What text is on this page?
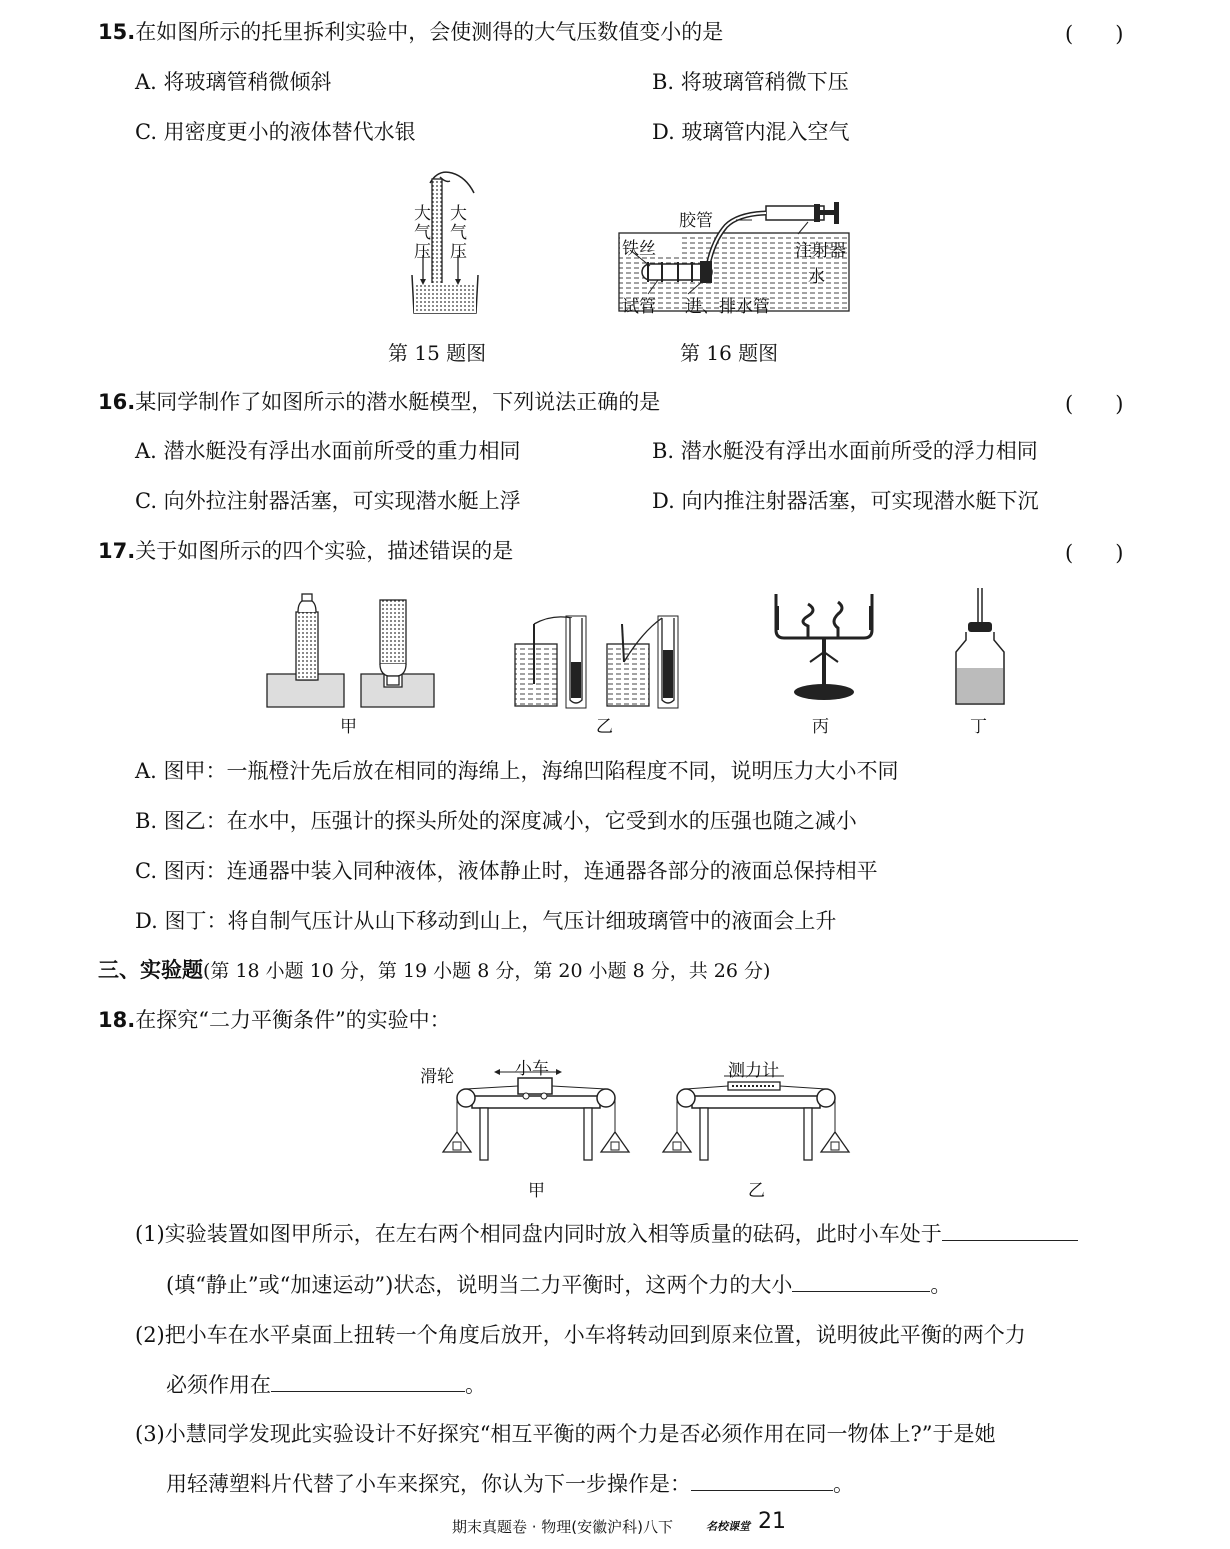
15.在如图所示的托里拆利实验中，会使测得的大气压数值变小的是	(　　)
A. 将玻璃管稍微倾斜	B. 将玻璃管稍微下压
C. 用密度更小的液体替代水银	D. 玻璃管内混入空气
大
气
压
大
气
压
第 15 题图
胶管
铁丝	注射器
水
试管 进、排水管
第 16 题图
16.某同学制作了如图所示的潜水艇模型，下列说法正确的是	(　　)
A. 潜水艇没有浮出水面前所受的重力相同	B. 潜水艇没有浮出水面前所受的浮力相同
C. 向外拉注射器活塞，可实现潜水艇上浮	D. 向内推注射器活塞，可实现潜水艇下沉
17.关于如图所示的四个实验，描述错误的是	(　　)
甲	乙	丙	丁
A. 图甲：一瓶橙汁先后放在相同的海绵上，海绵凹陷程度不同，说明压力大小不同
B. 图乙：在水中，压强计的探头所处的深度减小，它受到水的压强也随之减小
C. 图丙：连通器中装入同种液体，液体静止时，连通器各部分的液面总保持相平
D. 图丁：将自制气压计从山下移动到山上，气压计细玻璃管中的液面会上升
三、实验题(第 18 小题 10 分，第 19 小题 8 分，第 20 小题 8 分，共 26 分)
18.在探究“二力平衡条件”的实验中：
滑轮	小车
甲
测力计
乙
(1)实验装置如图甲所示，在左右两个相同盘内同时放入相等质量的砝码，此时小车处于
(填“静止”或“加速运动”)状态，说明当二力平衡时，这两个力的大小	。
(2)把小车在水平桌面上扭转一个角度后放开，小车将转动回到原来位置，说明彼此平衡的两个力
必须作用在	。
(3)小慧同学发现此实验设计不好探究“相互平衡的两个力是否必须作用在同一物体上?”于是她
用轻薄塑料片代替了小车来探究，你认为下一步操作是：	。
期末真题卷 · 物理(安徽沪科)八下	名校课堂 21
